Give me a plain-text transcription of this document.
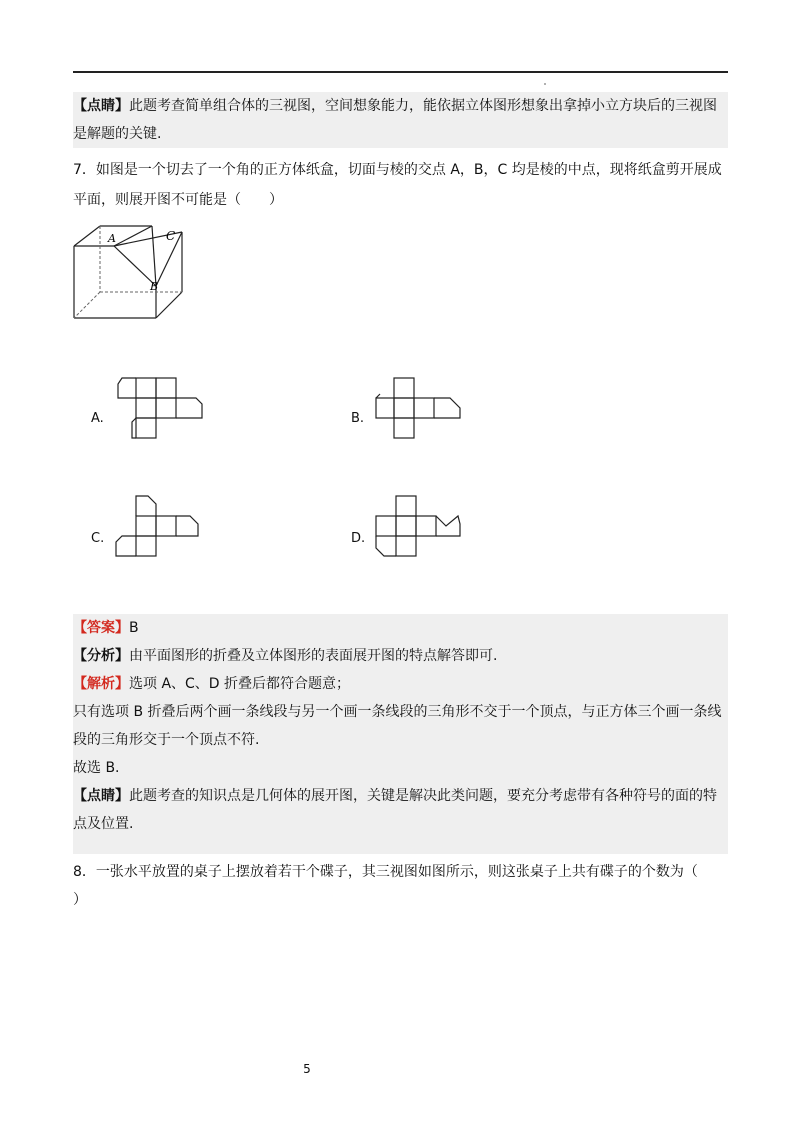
【点睛】此题考查简单组合体的三视图，空间想象能力，能依据立体图形想象出拿掉小立方块后的三视图
是解题的关键.
7．如图是一个切去了一个角的正方体纸盒，切面与棱的交点 A，B，C 均是棱的中点，现将纸盒剪开展成
平面，则展开图不可能是（　　）
A	C
B
A.	B.
C.	D.
【答案】B
【分析】由平面图形的折叠及立体图形的表面展开图的特点解答即可.
【解析】选项 A、C、D 折叠后都符合题意；
只有选项 B 折叠后两个画一条线段与另一个画一条线段的三角形不交于一个顶点，与正方体三个画一条线
段的三角形交于一个顶点不符.
故选 B.
【点睛】此题考查的知识点是几何体的展开图，关键是解决此类问题，要充分考虑带有各种符号的面的特
点及位置.
8．一张水平放置的桌子上摆放着若干个碟子，其三视图如图所示，则这张桌子上共有碟子的个数为（
）
5
